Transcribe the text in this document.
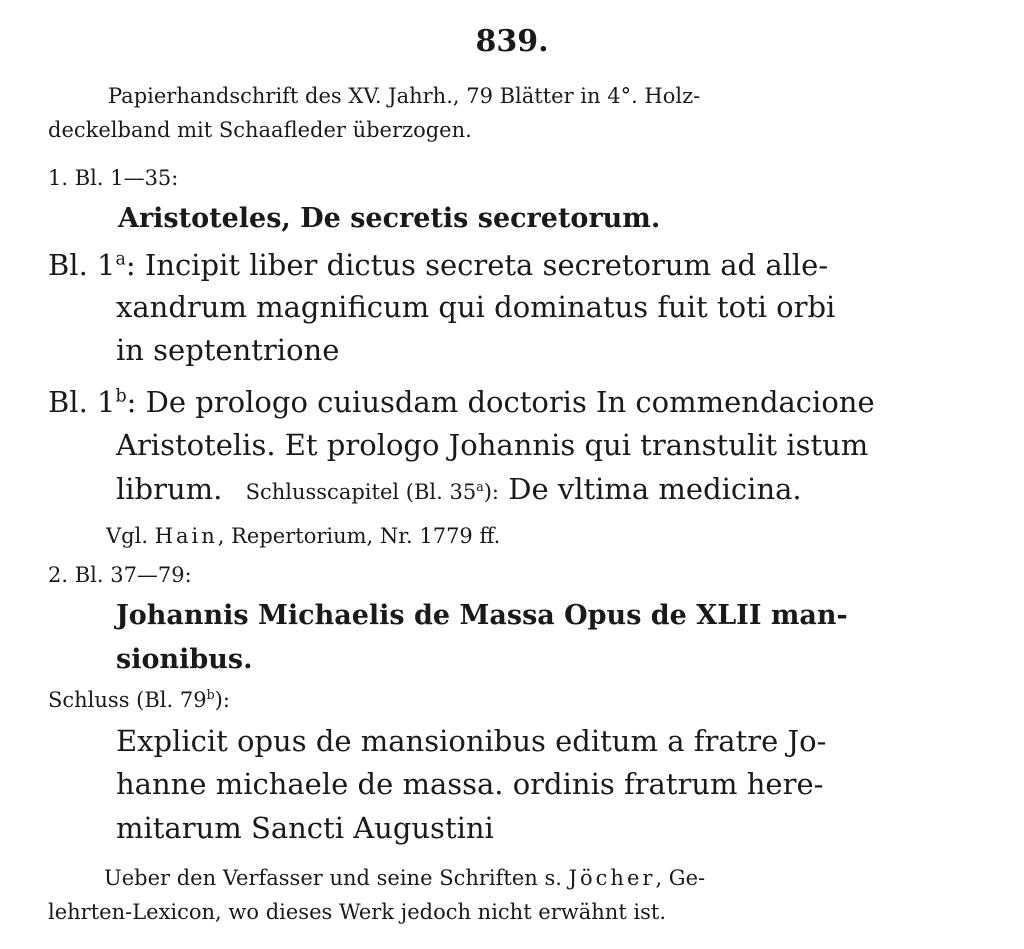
839.
Papierhandschrift des XV. Jahrh., 79 Blätter in 4°. Holz-
deckelband mit Schaafleder überzogen.
1. Bl. 1—35:
Aristoteles, De secretis secretorum.
Bl. 1$^a$: Incipit liber dictus secreta secretorum ad alle-
xandrum magnificum qui dominatus fuit toti orbi
in septentrione
Bl. 1$^b$: De prologo cuiusdam doctoris In commendacione
Aristotelis. Et prologo Johannis qui transtulit istum
librum. Schlusscapitel (Bl. 35$^a$): De vltima medicina.
Vgl. Hain, Repertorium, Nr. 1779 ff.
2. Bl. 37—79:
Johannis Michaelis de Massa Opus de XLII man-
sionibus.
Schluss (Bl. 79$^b$):
Explicit opus de mansionibus editum a fratre Jo-
hanne michaele de massa. ordinis fratrum here-
mitarum Sancti Augustini
Ueber den Verfasser und seine Schriften s. Jöcher, Ge-
lehrten-Lexicon, wo dieses Werk jedoch nicht erwähnt ist.
